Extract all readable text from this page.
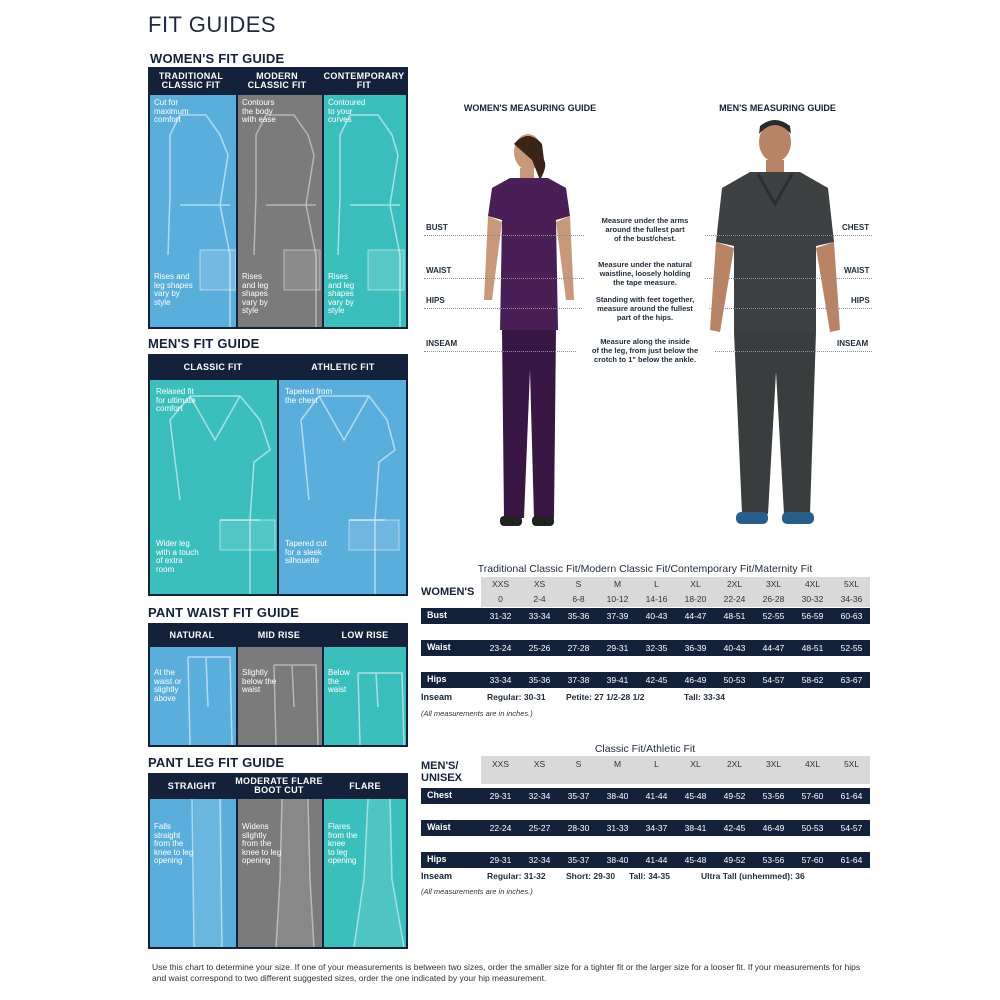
FIT GUIDES
WOMEN'S FIT GUIDE
TRADITIONAL
CLASSIC FIT
MODERN
CLASSIC FIT
CONTEMPORARY
FIT
Cut for
maximum
comfort
Rises and
leg shapes
vary by
style
Contours
the body
with ease
Rises
and leg
shapes
vary by
style
Contoured
to your
curves
Rises
and leg
shapes
vary by
style
MEN'S FIT GUIDE
CLASSIC FIT	ATHLETIC FIT
Relaxed fit
for ultimate
comfort
Wider leg
with a touch
of extra
room
Tapered from
the chest
Tapered cut
for a sleek
silhouette
PANT WAIST FIT GUIDE
NATURAL	MID RISE	LOW RISE
At the
waist or
slightly
above
Slightly
below the
waist
Below
the
waist
PANT LEG FIT GUIDE
STRAIGHT	MODERATE FLARE
BOOT CUT	FLARE
Falls
straight
from the
knee to leg
opening
Widens
slightly
from the
knee to leg
opening
Flares
from the
knee
to leg
opening
WOMEN'S MEASURING GUIDE	MEN'S MEASURING GUIDE
BUST
WAIST
HIPS
INSEAM
CHEST
WAIST
HIPS
INSEAM
Measure under the arms
around the fullest part
of the bust/chest.
Measure under the natural
waistline, loosely holding
the tape measure.
Standing with feet together,
measure around the fullest
part of the hips.
Measure along the inside
of the leg, from just below the
crotch to 1" below the ankle.
Traditional Classic Fit/Modern Classic Fit/Contemporary Fit/Maternity Fit
WOMEN'S
XXS	XS	S	M	L	XL	2XL	3XL	4XL	5XL
0	2-4	6-8	10-12	14-16	18-20	22-24	26-28	30-32	34-36
Bust	31-32	33-34	35-36	37-39	40-43	44-47	48-51	52-55	56-59	60-63
Waist	23-24	25-26	27-28	29-31	32-35	36-39	40-43	44-47	48-51	52-55
Hips	33-34	35-36	37-38	39-41	42-45	46-49	50-53	54-57	58-62	63-67
Inseam	Regular: 30-31 Petite: 27 1/2-28 1/2	Tall: 33-34
(All measurements are in inches.)
Classic Fit/Athletic Fit
MEN'S/
UNISEX
XXS	XS	S	M	L	XL	2XL	3XL	4XL	5XL
Chest	29-31	32-34	35-37	38-40	41-44	45-48	49-52	53-56	57-60	61-64
Waist	22-24	25-27	28-30	31-33	34-37	38-41	42-45	46-49	50-53	54-57
Hips	29-31	32-34	35-37	38-40	41-44	45-48	49-52	53-56	57-60	61-64
Inseam	Regular: 31-32 Short: 29-30 Tall: 34-35	Ultra Tall (unhemmed): 36
(All measurements are in inches.)
Use this chart to determine your size. If one of your measurements is between two sizes, order the smaller size for a tighter fit or the larger size for a looser fit. If your measurements for hips and waist correspond to two different suggested sizes, order the one indicated by your hip measurement.
